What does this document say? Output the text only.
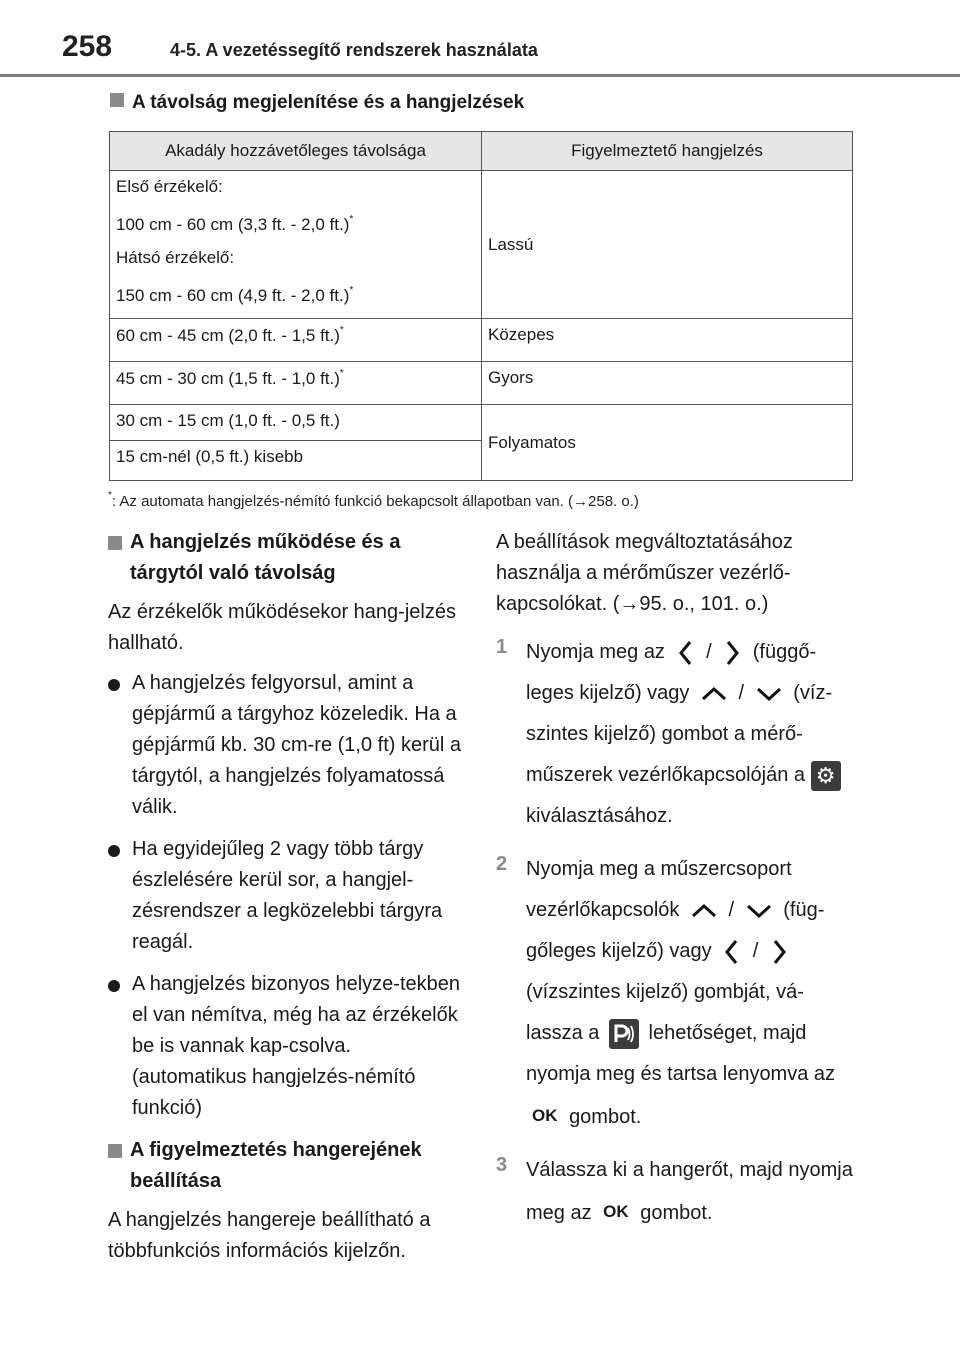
258	4-5. A vezetéssegítő rendszerek használata
A távolság megjelenítése és a hangjelzések
Akadály hozzávetőleges távolsága	Figyelmeztető hangjelzés

Első érzékelő:
100 cm - 60 cm (3,3 ft. - 2,0 ft.)*
Hátsó érzékelő:
150 cm - 60 cm (4,9 ft. - 2,0 ft.)*	Lassú
60 cm - 45 cm (2,0 ft. - 1,5 ft.)*	Közepes
45 cm - 30 cm (1,5 ft. - 1,0 ft.)*	Gyors
30 cm - 15 cm (1,0 ft. - 0,5 ft.)	Folyamatos
15 cm-nél (0,5 ft.) kisebb	
*: Az automata hangjelzés-némító funkció bekapcsolt állapotban van. (→258. o.)
A hangjelzés működése és a tárgytól való távolság
Az érzékelők működésekor hang-jelzés hallható.
A hangjelzés felgyorsul, amint a gépjármű a tárgyhoz közeledik. Ha a gépjármű kb. 30 cm-re (1,0 ft) kerül a tárgytól, a hangjelzés folyamatossá válik.
Ha egyidejűleg 2 vagy több tárgy észlelésére kerül sor, a hangjel-zésrendszer a legközelebbi tárgyra reagál.
A hangjelzés bizonyos helyze-tekben el van némítva, még ha az érzékelők be is vannak kap-csolva. (automatikus hangjelzés-némító funkció)
A figyelmeztetés hangerejének beállítása
A hangjelzés hangereje beállítható a többfunkciós információs kijelzőn.
A beállítások megváltoztatásához használja a mérőműszer vezérlő-kapcsolókat. (→95. o., 101. o.)
1 Nyomja meg az / (függő-leges kijelző) vagy / (víz-szintes kijelző) gombot a mérő-műszerek vezérlőkapcsolóján a ⚙ kiválasztásához.
2 Nyomja meg a műszercsoport vezérlőkapcsolók / (füg-gőleges kijelző) vagy /  (vízszintes kijelző) gombját, vá-lassza a lehetőséget, majd nyomja meg és tartsa lenyomva az OK gombot.
3 Válassza ki a hangerőt, majd nyomja meg az OK gombot.
